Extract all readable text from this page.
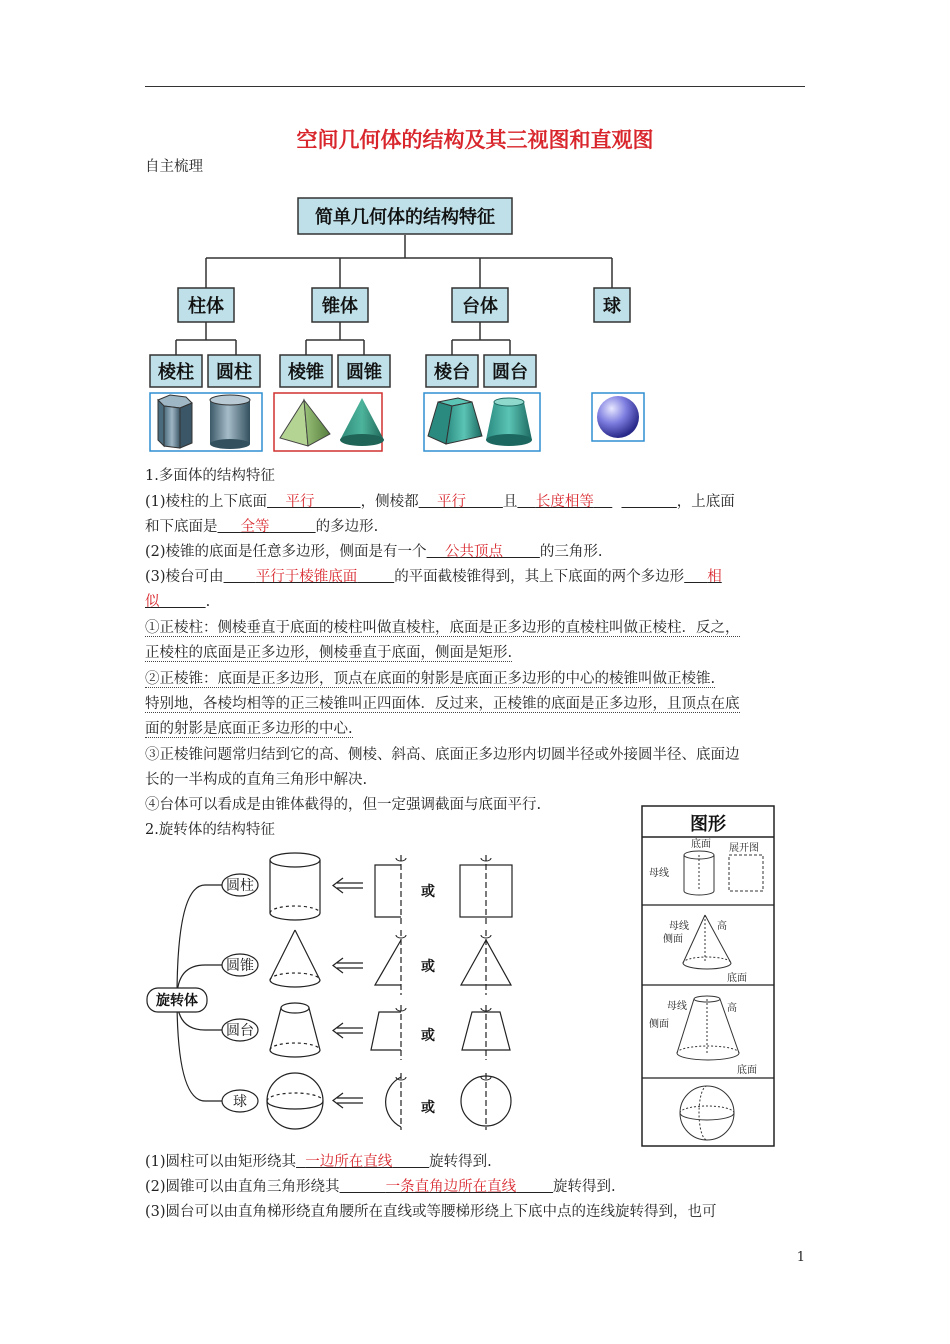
空间几何体的结构及其三视图和直观图
自主梳理
简单几何体的结构特征
柱体	锥体	台体	球
棱柱 圆柱 棱锥 圆锥	棱台 圆台
1.多面体的结构特征
(1)棱柱的上下底面 平行	，侧棱都 平行	且 长度相等	，上底面
和下底面是 全等	的多边形.
(2)棱锥的底面是任意多边形，侧面是有一个 公共顶点	的三角形.
(3)棱台可由 平行于棱锥底面	的平面截棱锥得到，其上下底面的两个多边形 相
似	.
①正棱柱：侧棱垂直于底面的棱柱叫做直棱柱，底面是正多边形的直棱柱叫做正棱柱．反之，
正棱柱的底面是正多边形，侧棱垂直于底面，侧面是矩形.
②正棱锥：底面是正多边形，顶点在底面的射影是底面正多边形的中心的棱锥叫做正棱锥.
特别地，各棱均相等的正三棱锥叫正四面体．反过来，正棱锥的底面是正多边形，且顶点在底
面的射影是底面正多边形的中心.
③正棱锥问题常归结到它的高、侧棱、斜高、底面正多边形内切圆半径或外接圆半径、底面边
长的一半构成的直角三角形中解决.
④台体可以看成是由锥体截得的，但一定强调截面与底面平行.
2.旋转体的结构特征
旋转体
圆柱
圆锥
圆台
球
或
或
或
或
图形
底面 展开图
母线
母线	高
侧面
底面
母线	高
侧面
底面
(1)圆柱可以由矩形绕其 一边所在直线	旋转得到.
(2)圆锥可以由直角三角形绕其	一条直角边所在直线	旋转得到.
(3)圆台可以由直角梯形绕直角腰所在直线或等腰梯形绕上下底中点的连线旋转得到，也可
1
